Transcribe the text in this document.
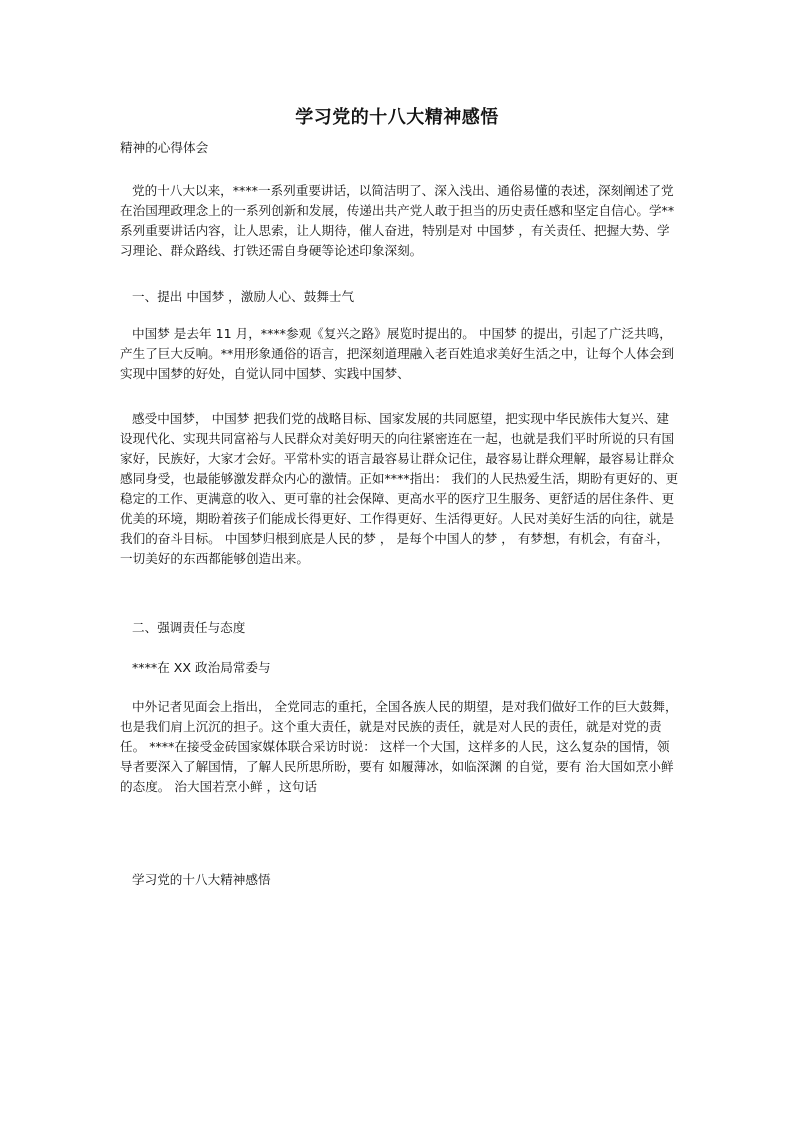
学习党的十八大精神感悟

精神的心得体会

党的十八大以来，****一系列重要讲话，以简洁明了、深入浅出、通俗易懂的表述，深刻阐述了党在治国理政理念上的一系列创新和发展，传递出共产党人敢于担当的历史责任感和坚定自信心。学**系列重要讲话内容，让人思索，让人期待，催人奋进，特别是对 中国梦 ，有关责任、把握大势、学习理论、群众路线、打铁还需自身硬等论述印象深刻。

一、提出 中国梦 ，激励人心、鼓舞士气

中国梦 是去年 11 月，****参观《复兴之路》展览时提出的。 中国梦 的提出，引起了广泛共鸣，产生了巨大反响。**用形象通俗的语言，把深刻道理融入老百姓追求美好生活之中，让每个人体会到实现中国梦的好处，自觉认同中国梦、实践中国梦、

感受中国梦， 中国梦 把我们党的战略目标、国家发展的共同愿望，把实现中华民族伟大复兴、建设现代化、实现共同富裕与人民群众对美好明天的向往紧密连在一起，也就是我们平时所说的只有国家好，民族好，大家才会好。平常朴实的语言最容易让群众记住，最容易让群众理解，最容易让群众感同身受，也最能够激发群众内心的激情。正如****指出： 我们的人民热爱生活，期盼有更好的、更稳定的工作、更满意的收入、更可靠的社会保障、更高水平的医疗卫生服务、更舒适的居住条件、更优美的环境，期盼着孩子们能成长得更好、工作得更好、生活得更好。人民对美好生活的向往，就是我们的奋斗目标。 中国梦归根到底是人民的梦 ， 是每个中国人的梦 ， 有梦想，有机会，有奋斗，一切美好的东西都能够创造出来。

二、强调责任与态度

****在 XX 政治局常委与

中外记者见面会上指出， 全党同志的重托，全国各族人民的期望，是对我们做好工作的巨大鼓舞，也是我们肩上沉沉的担子。这个重大责任，就是对民族的责任，就是对人民的责任，就是对党的责任。 ****在接受金砖国家媒体联合采访时说： 这样一个大国，这样多的人民，这么复杂的国情，领导者要深入了解国情，了解人民所思所盼，要有 如履薄冰，如临深渊 的自觉，要有 治大国如烹小鲜 的态度。 治大国若烹小鲜 ，这句话

学习党的十八大精神感悟
